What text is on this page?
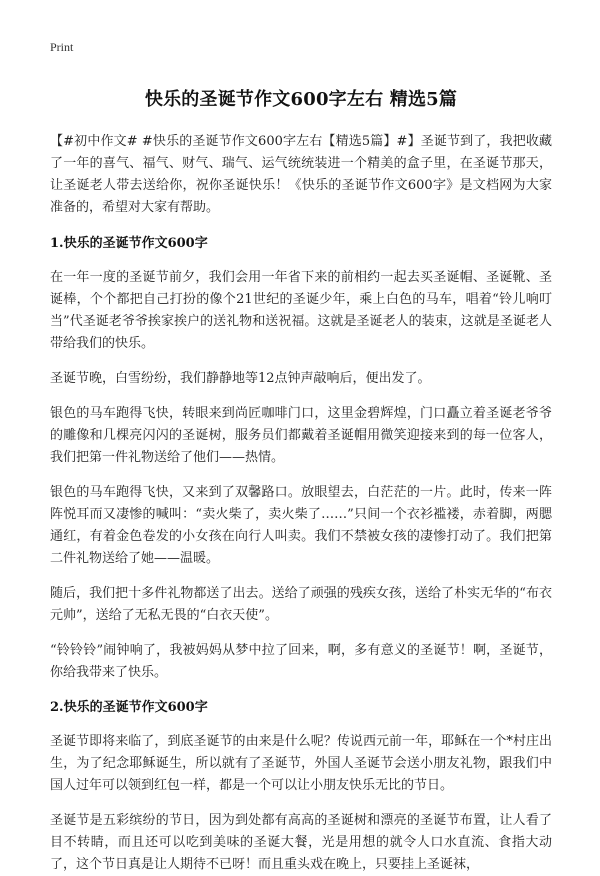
Print
快乐的圣诞节作文600字左右 精选5篇

【#初中作文# #快乐的圣诞节作文600字左右【精选5篇】#】圣诞节到了，我把收藏了一年的喜气、福气、财气、瑞气、运气统统装进一个精美的盒子里，在圣诞节那天，让圣诞老人带去送给你，祝你圣诞快乐！《快乐的圣诞节作文600字》是文档网为大家准备的，希望对大家有帮助。

1.快乐的圣诞节作文600字

在一年一度的圣诞节前夕，我们会用一年省下来的前相约一起去买圣诞帽、圣诞靴、圣诞棒，个个都把自己打扮的像个21世纪的圣诞少年，乘上白色的马车，唱着“铃儿响叮当”代圣诞老爷爷挨家挨户的送礼物和送祝福。这就是圣诞老人的装束，这就是圣诞老人带给我们的快乐。

圣诞节晚，白雪纷纷，我们静静地等12点钟声敲响后，便出发了。

银色的马车跑得飞快，转眼来到尚匠咖啡门口，这里金碧辉煌，门口矗立着圣诞老爷爷的雕像和几棵亮闪闪的圣诞树，服务员们都戴着圣诞帽用微笑迎接来到的每一位客人，我们把第一件礼物送给了他们——热情。

银色的马车跑得飞快，又来到了双馨路口。放眼望去，白茫茫的一片。此时，传来一阵阵悦耳而又凄惨的喊叫：“卖火柴了，卖火柴了……”只间一个衣衫褴褛，赤着脚，两腮通红，有着金色卷发的小女孩在向行人叫卖。我们不禁被女孩的凄惨打动了。我们把第二件礼物送给了她——温暖。

随后，我们把十多件礼物都送了出去。送给了顽强的残疾女孩，送给了朴实无华的“布衣元帅”，送给了无私无畏的“白衣天使”。

“铃铃铃”闹钟响了，我被妈妈从梦中拉了回来，啊，多有意义的圣诞节！啊，圣诞节，你给我带来了快乐。

2.快乐的圣诞节作文600字

圣诞节即将来临了，到底圣诞节的由来是什么呢？传说西元前一年，耶稣在一个*村庄出生，为了纪念耶稣诞生，所以就有了圣诞节，外国人圣诞节会送小朋友礼物，跟我们中国人过年可以领到红包一样，都是一个可以让小朋友快乐无比的节日。

圣诞节是五彩缤纷的节日，因为到处都有高高的圣诞树和漂亮的圣诞节布置，让人看了目不转睛，而且还可以吃到美味的圣诞大餐，光是用想的就令人口水直流、食指大动了，这个节日真是让人期待不已呀！而且重头戏在晚上，只要挂上圣诞袜，
